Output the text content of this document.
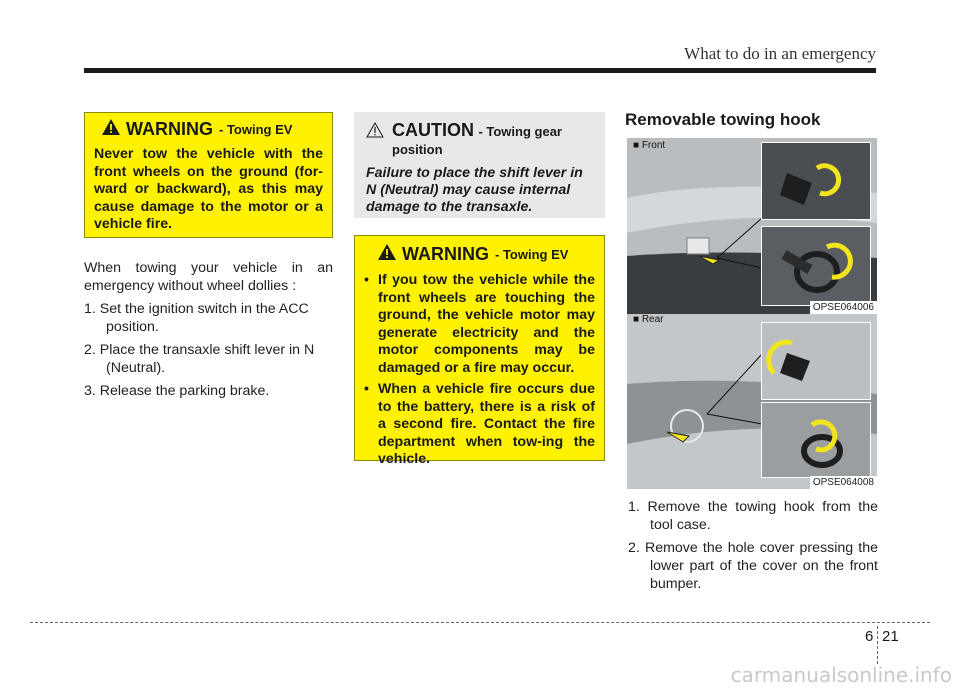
What to do in an emergency
WARNING - Towing EV
Never tow the vehicle with the front wheels on the ground (for-ward or backward), as this may cause damage to the motor or a vehicle fire.

When towing your vehicle in an emergency without wheel dollies :

1. Set the ignition switch in the ACC position.

2. Place the transaxle shift lever in N (Neutral).

3. Release the parking brake.

CAUTION - Towing gear position
Failure to place the shift lever in N (Neutral) may cause internal damage to the transaxle.
WARNING - Towing EV
• If you tow the vehicle while the front wheels are touching the ground, the vehicle motor may generate electricity and the motor components may be damaged or a fire may occur.
• When a vehicle fire occurs due to the battery, there is a risk of a second fire. Contact the fire department when tow-ing the vehicle.
Removable towing hook
■ Front
OPSE064006
■ Rear
OPSE064008

1. Remove the towing hook from the tool case.

2. Remove the hole cover pressing the lower part of the cover on the front bumper.

6 21
carmanualsonline.info
